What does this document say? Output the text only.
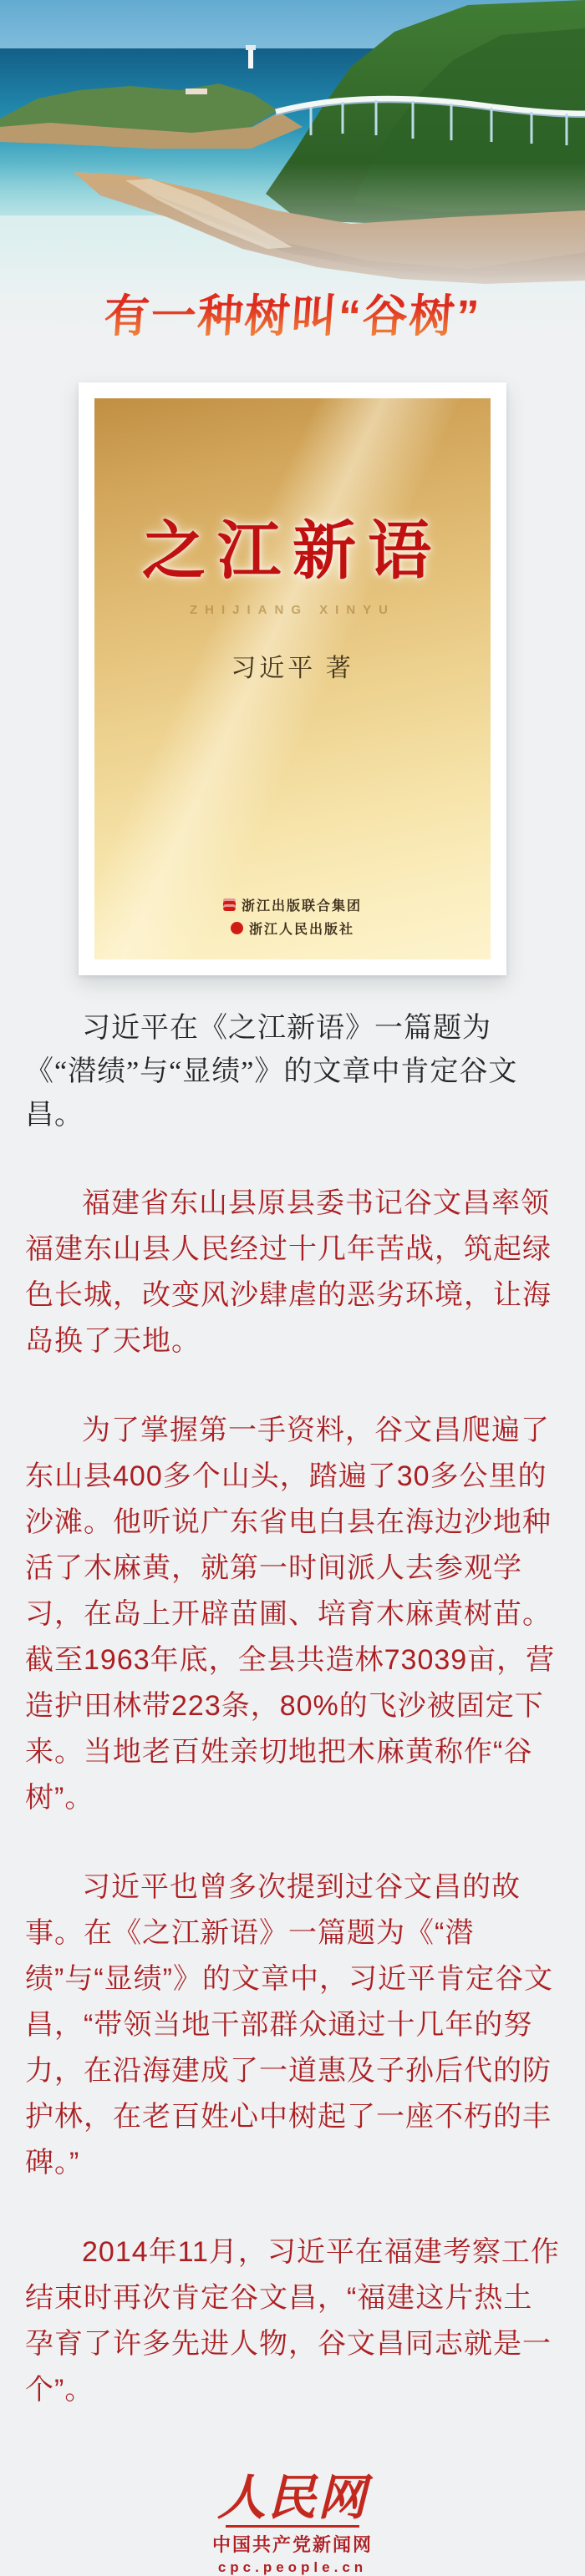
有一种树叫“谷树”
之江新语
ZHIJIANG XINYU
习近平 著
浙江出版联合集团
浙江人民出版社

习近平在《之江新语》一篇题为《“潜绩”与“显绩”》的文章中肯定谷文昌。

福建省东山县原县委书记谷文昌率领福建东山县人民经过十几年苦战，筑起绿色长城，改变风沙肆虐的恶劣环境，让海岛换了天地。

为了掌握第一手资料，谷文昌爬遍了东山县400多个山头，踏遍了30多公里的沙滩。他听说广东省电白县在海边沙地种活了木麻黄，就第一时间派人去参观学习，在岛上开辟苗圃、培育木麻黄树苗。截至1963年底，全县共造林73039亩，营造护田林带223条，80%的飞沙被固定下来。当地老百姓亲切地把木麻黄称作“谷树”。

习近平也曾多次提到过谷文昌的故事。在《之江新语》一篇题为《“潜绩”与“显绩”》的文章中，习近平肯定谷文昌，“带领当地干部群众通过十几年的努力，在沿海建成了一道惠及子孙后代的防护林，在老百姓心中树起了一座不朽的丰碑。”

2014年11月，习近平在福建考察工作结束时再次肯定谷文昌，“福建这片热土孕育了许多先进人物，谷文昌同志就是一个”。

人民网
中国共产党新闻网
cpc.people.cn
